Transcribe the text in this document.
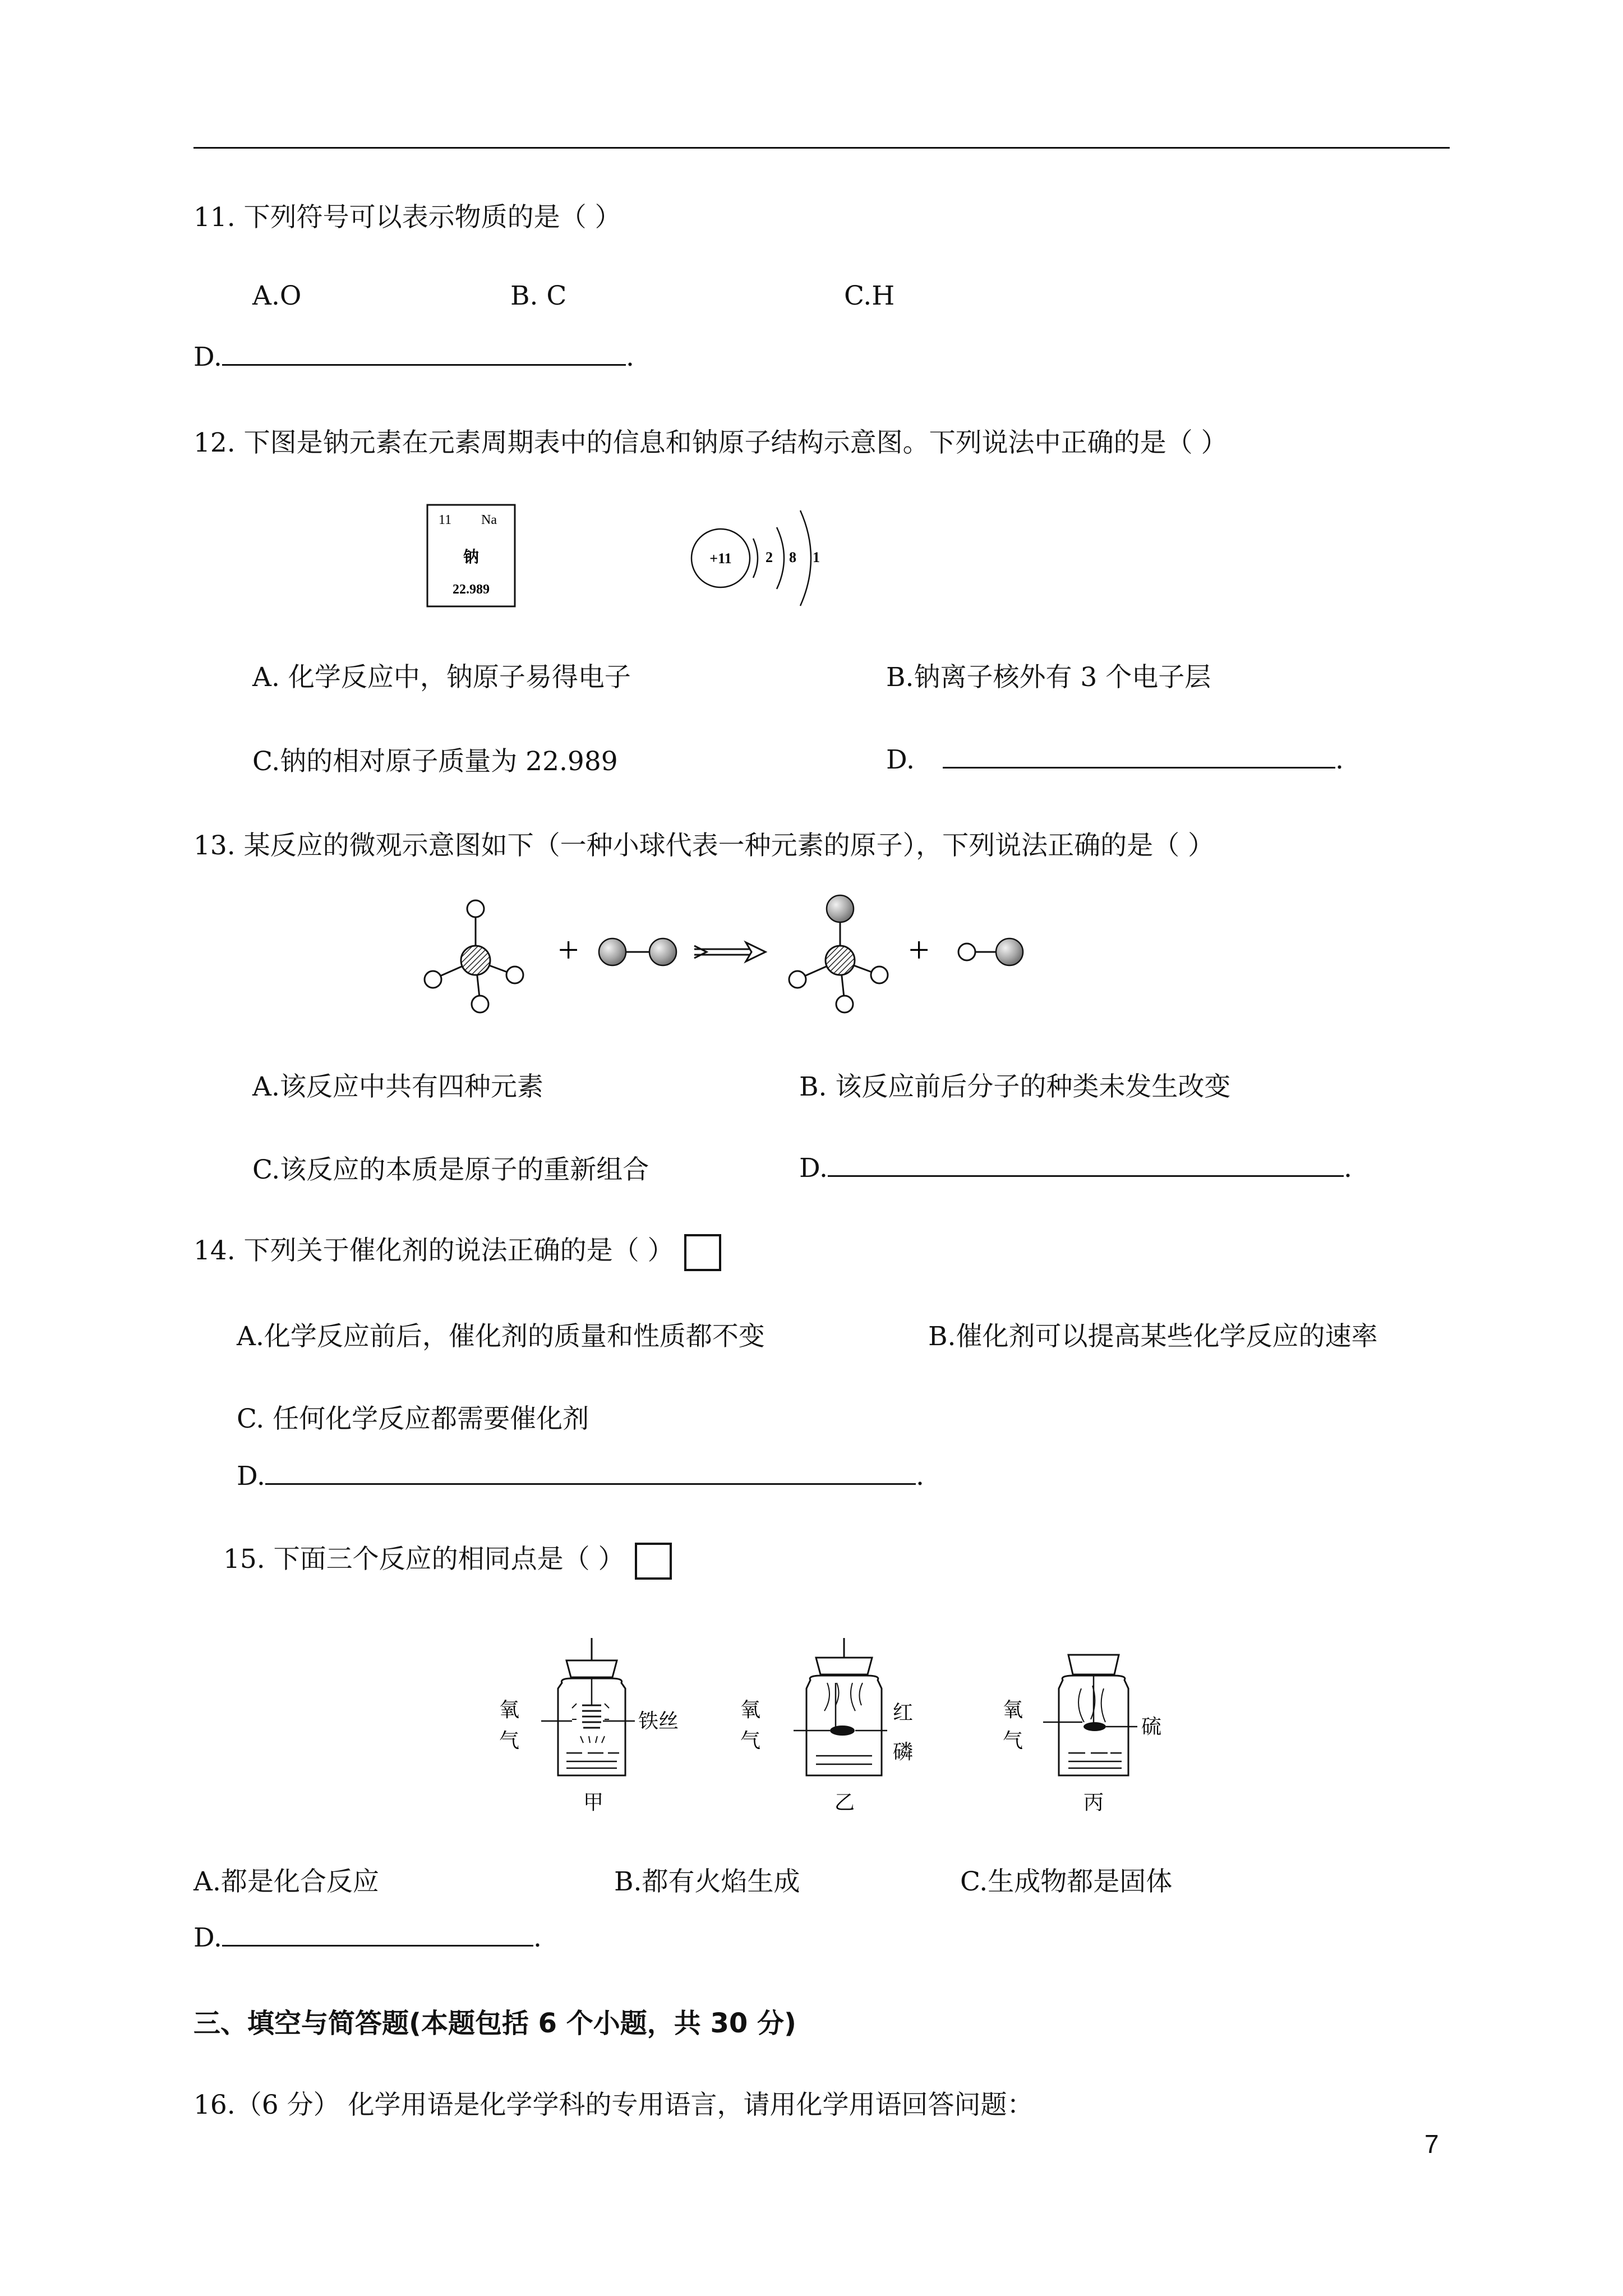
11. 下列符号可以表示物质的是（ ）
A.O	B. C	C.H
D.	.
12. 下图是钠元素在元素周期表中的信息和钠原子结构示意图。下列说法中正确的是（ ）
11 Na
钠
22.989
+11 2 8 1
A. 化学反应中，钠原子易得电子	B.钠离子核外有 3 个电子层
C.钠的相对原子质量为 22.989	D.	.
13. 某反应的微观示意图如下（一种小球代表一种元素的原子），下列说法正确的是（ ）
+	+
A.该反应中共有四种元素	B. 该反应前后分子的种类未发生改变
C.该反应的本质是原子的重新组合	D.	.
14. 下列关于催化剂的说法正确的是（ ）
A.化学反应前后，催化剂的质量和性质都不变	B.催化剂可以提高某些化学反应的速率
C. 任何化学反应都需要催化剂
D.	.
15. 下面三个反应的相同点是（ ）
氧
气
铁丝
甲
氧
气
红
磷
乙
氧
气
硫
丙
A.都是化合反应	B.都有火焰生成	C.生成物都是固体
D.	.
三、填空与简答题(本题包括 6 个小题，共 30 分)
16.（6 分） 化学用语是化学学科的专用语言，请用化学用语回答问题：
7
